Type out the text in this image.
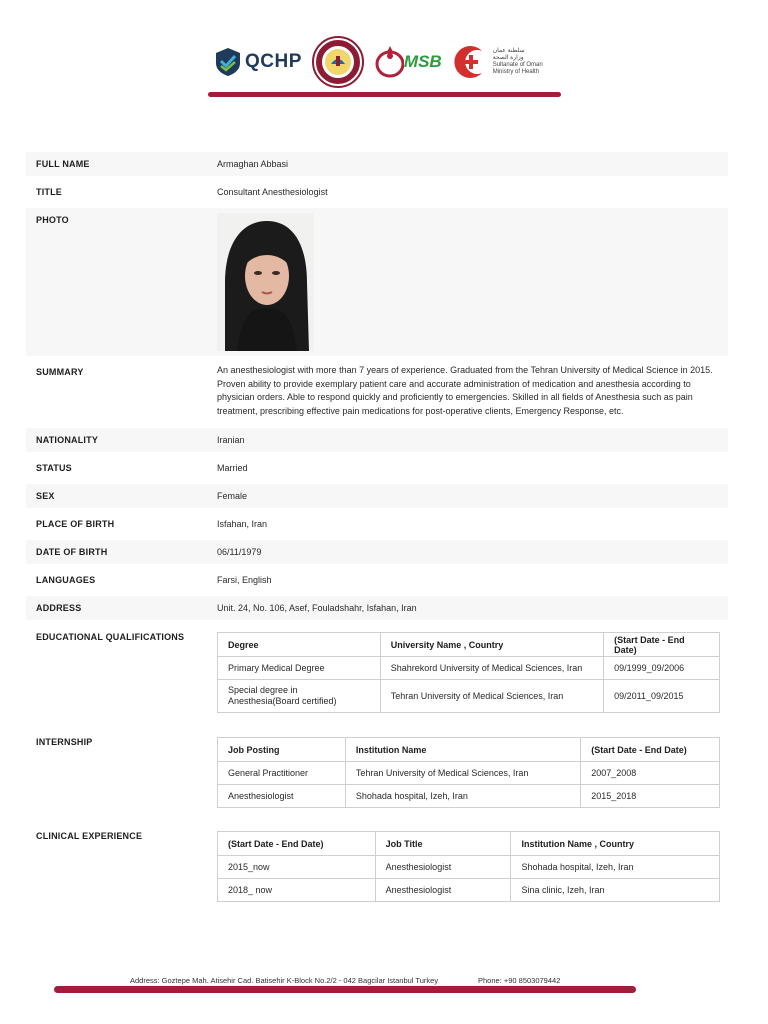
QCHP	MSB
سلطنة عمان
وزارة الصحة
Sultanate of Oman
Ministry of Health
FULL NAME	Armaghan Abbasi
TITLE	Consultant Anesthesiologist
PHOTO
SUMMARY	An anesthesiologist with more than 7 years of experience. Graduated from the Tehran University of Medical Science in 2015. Proven ability to provide exemplary patient care and accurate administration of medication and anesthesia according to physician orders. Able to respond quickly and proficiently to emergencies. Skilled in all fields of Anesthesia such as pain treatment, prescribing effective pain medications for post-operative clients, Emergency Response, etc.
NATIONALITY	Iranian
STATUS	Married
SEX	Female
PLACE OF BIRTH	Isfahan, Iran
DATE OF BIRTH	06/11/1979
LANGUAGES	Farsi, English
ADDRESS	Unit. 24, No. 106, Asef, Fouladshahr, Isfahan, Iran
EDUCATIONAL QUALIFICATIONS
Degree	University Name , Country	(Start Date - End Date)
Primary Medical Degree	Shahrekord University of Medical Sciences, Iran	09/1999_09/2006
Special degree in Anesthesia(Board certified)	Tehran University of Medical Sciences, Iran	09/2011_09/2015
INTERNSHIP
Job Posting	Institution Name	(Start Date - End Date)
General Practitioner	Tehran University of Medical Sciences, Iran	2007_2008
Anesthesiologist	Shohada hospital, Izeh, Iran	2015_2018
CLINICAL EXPERIENCE
(Start Date - End Date)	Job Title	Institution Name , Country
2015_now	Anesthesiologist	Shohada hospital, Izeh, Iran
2018_ now	Anesthesiologist	Sina clinic, Izeh, Iran
Address: Goztepe Mah. Atisehir Cad. Batisehir K-Block No.2/2 - 042 Bagcilar Istanbul Turkey	Phone: +90 8503079442
